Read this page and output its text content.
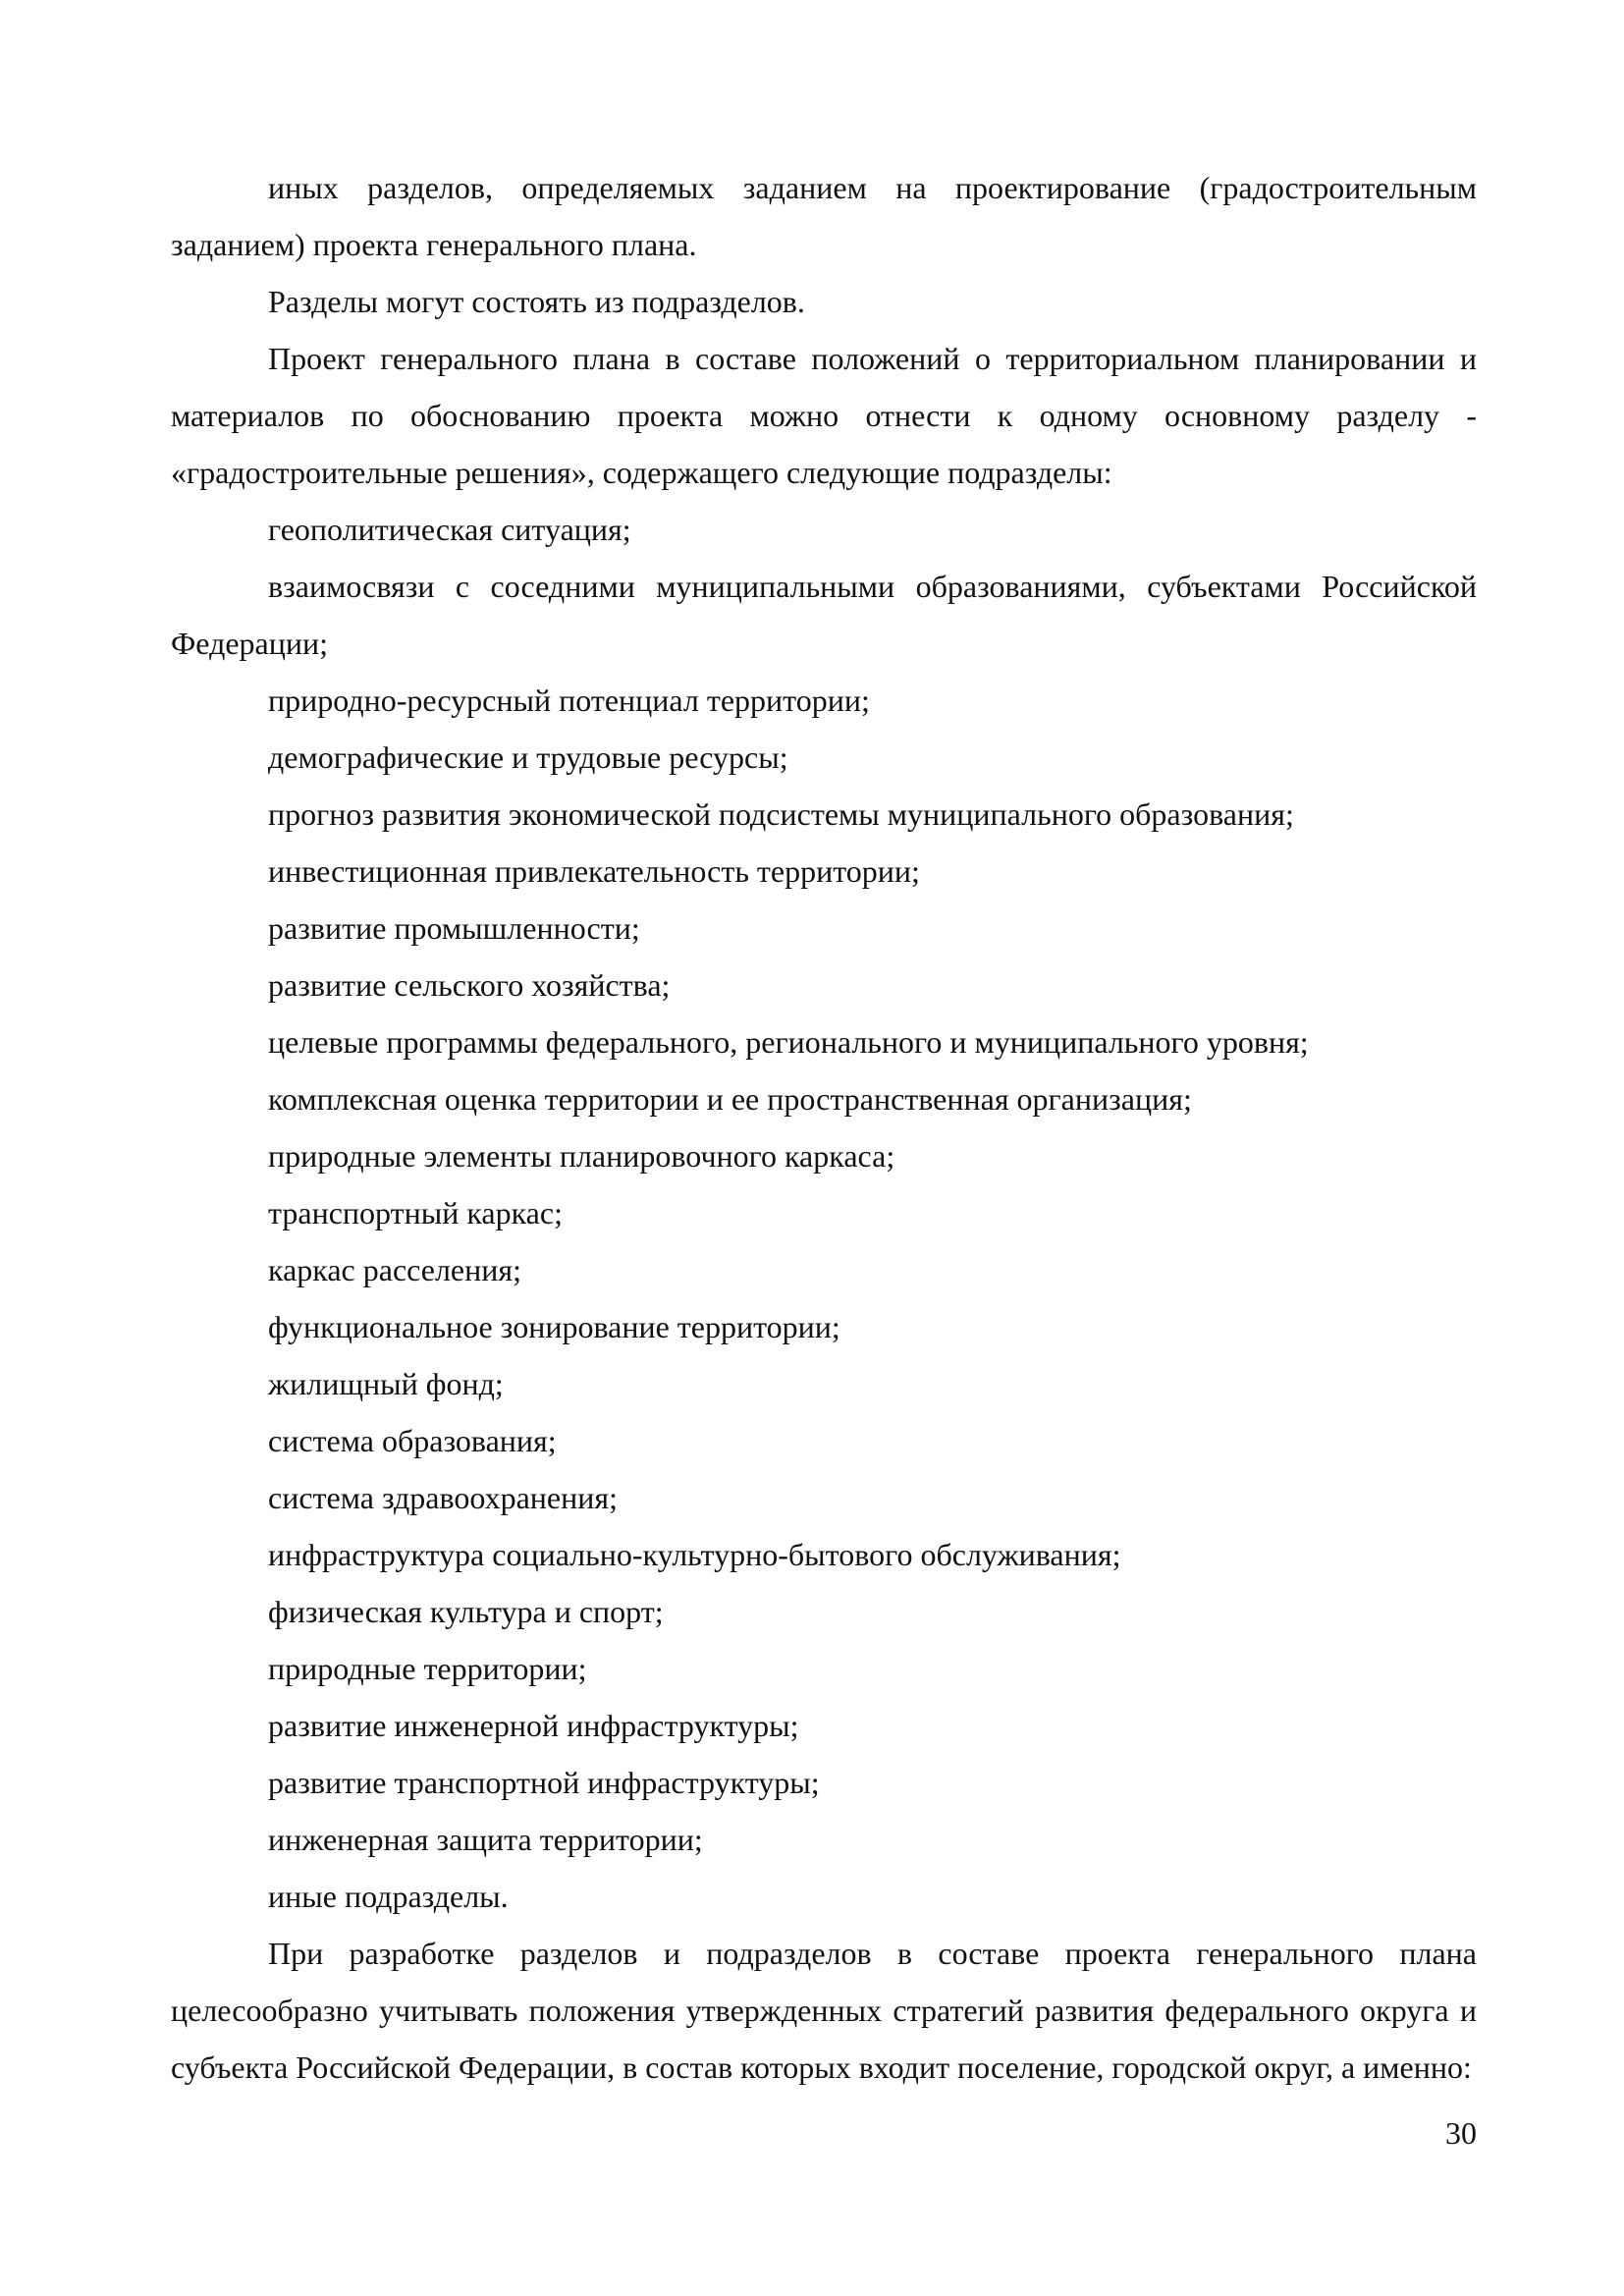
иных разделов, определяемых заданием на проектирование (градостроительным заданием) проекта генерального плана.

Разделы могут состоять из подразделов.

Проект генерального плана в составе положений о территориальном планировании и материалов по обоснованию проекта можно отнести к одному основному разделу - «градостроительные решения», содержащего следующие подразделы:

геополитическая ситуация;

взаимосвязи с соседними муниципальными образованиями, субъектами Российской Федерации;

природно-ресурсный потенциал территории;

демографические и трудовые ресурсы;

прогноз развития экономической подсистемы муниципального образования;

инвестиционная привлекательность территории;

развитие промышленности;

развитие сельского хозяйства;

целевые программы федерального, регионального и муниципального уровня;

комплексная оценка территории и ее пространственная организация;

природные элементы планировочного каркаса;

транспортный каркас;

каркас расселения;

функциональное зонирование территории;

жилищный фонд;

система образования;

система здравоохранения;

инфраструктура социально-культурно-бытового обслуживания;

физическая культура и спорт;

природные территории;

развитие инженерной инфраструктуры;

развитие транспортной инфраструктуры;

инженерная защита территории;

иные подразделы.

При разработке разделов и подразделов в составе проекта генерального плана целесообразно учитывать положения утвержденных стратегий развития федерального округа и субъекта Российской Федерации, в состав которых входит поселение, городской округ, а именно:

30
